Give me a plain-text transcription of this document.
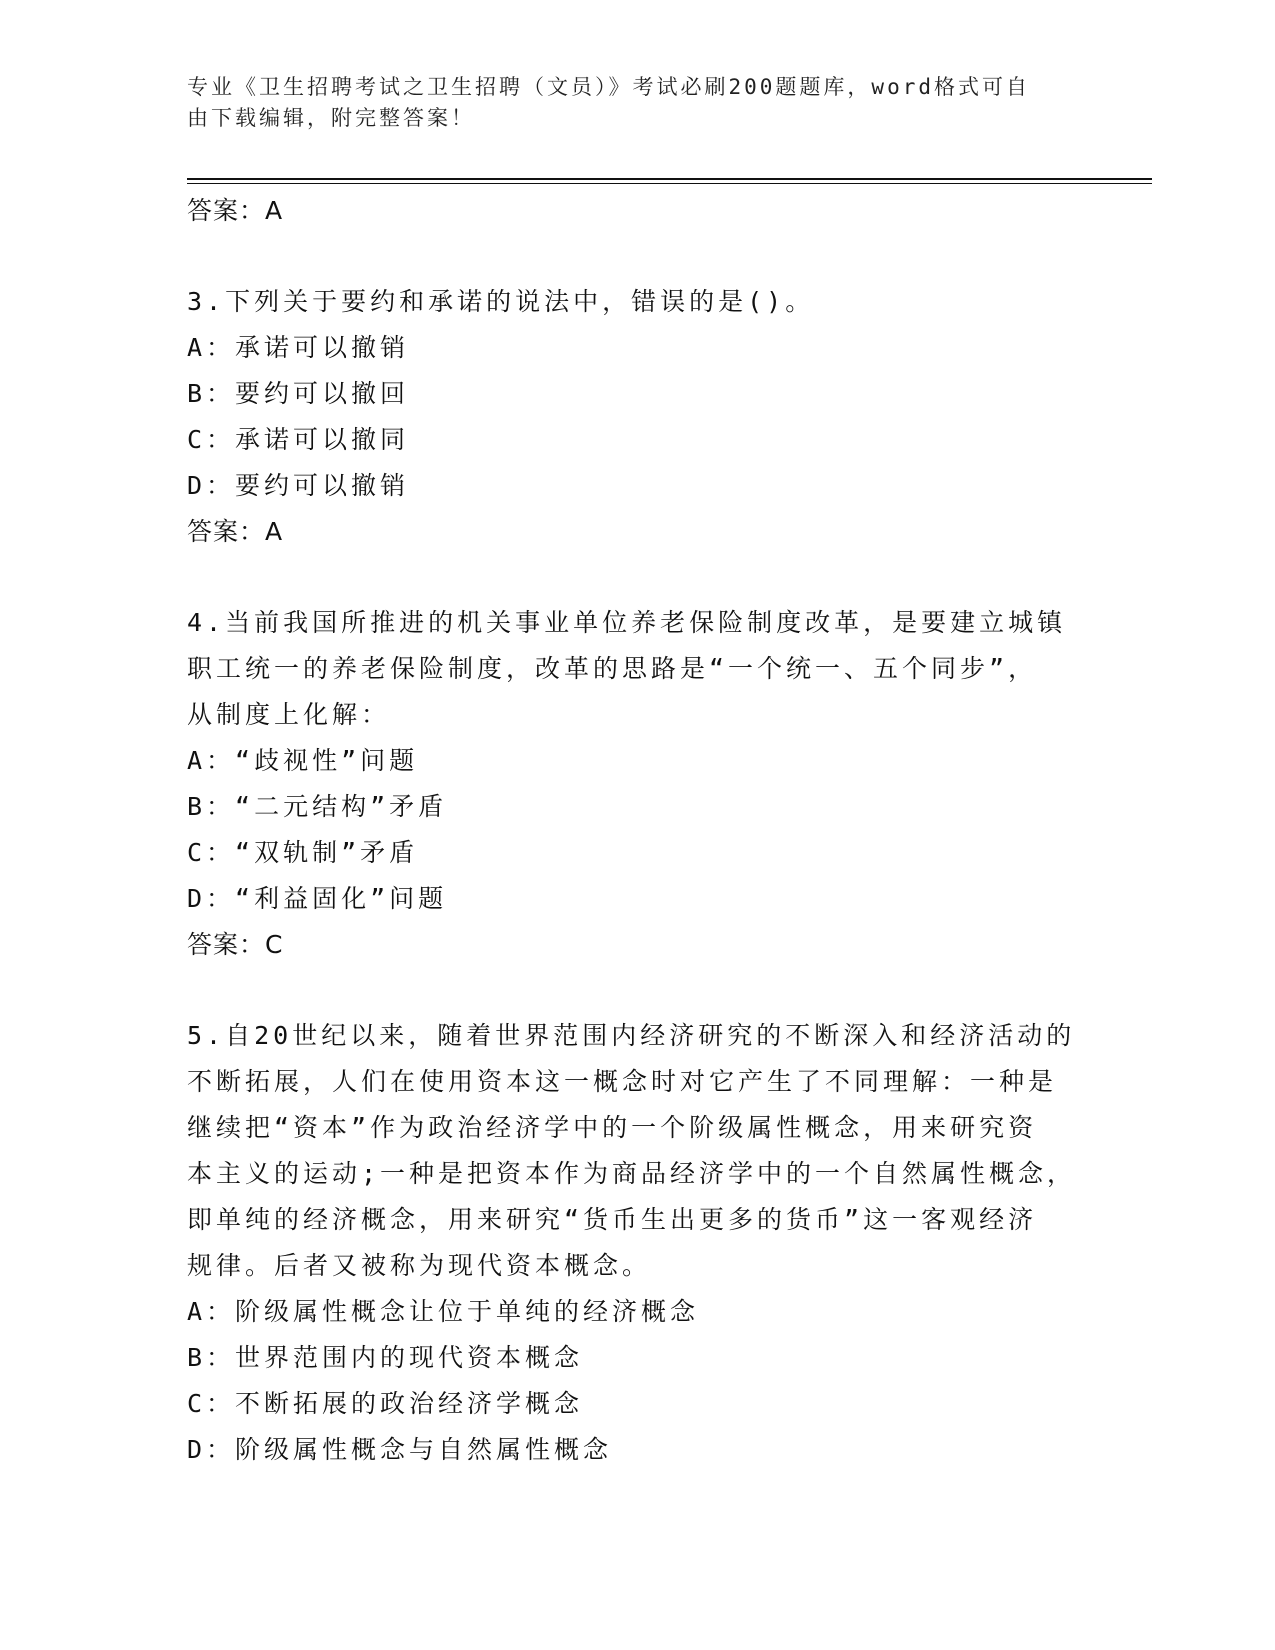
专业《卫生招聘考试之卫生招聘（文员）》考试必刷200题题库，word格式可自
由下载编辑，附完整答案！
答案：A
3.下列关于要约和承诺的说法中，错误的是()。
A：承诺可以撤销
B：要约可以撤回
C：承诺可以撤同
D：要约可以撤销
答案：A
4.当前我国所推进的机关事业单位养老保险制度改革，是要建立城镇
职工统一的养老保险制度，改革的思路是“一个统一、五个同步”，
从制度上化解：
A：“歧视性”问题
B：“二元结构”矛盾
C：“双轨制”矛盾
D：“利益固化”问题
答案：C
5.自20世纪以来，随着世界范围内经济研究的不断深入和经济活动的
不断拓展，人们在使用资本这一概念时对它产生了不同理解：一种是
继续把“资本”作为政治经济学中的一个阶级属性概念，用来研究资
本主义的运动;一种是把资本作为商品经济学中的一个自然属性概念，
即单纯的经济概念，用来研究“货币生出更多的货币”这一客观经济
规律。后者又被称为现代资本概念。
A：阶级属性概念让位于单纯的经济概念
B：世界范围内的现代资本概念
C：不断拓展的政治经济学概念
D：阶级属性概念与自然属性概念
